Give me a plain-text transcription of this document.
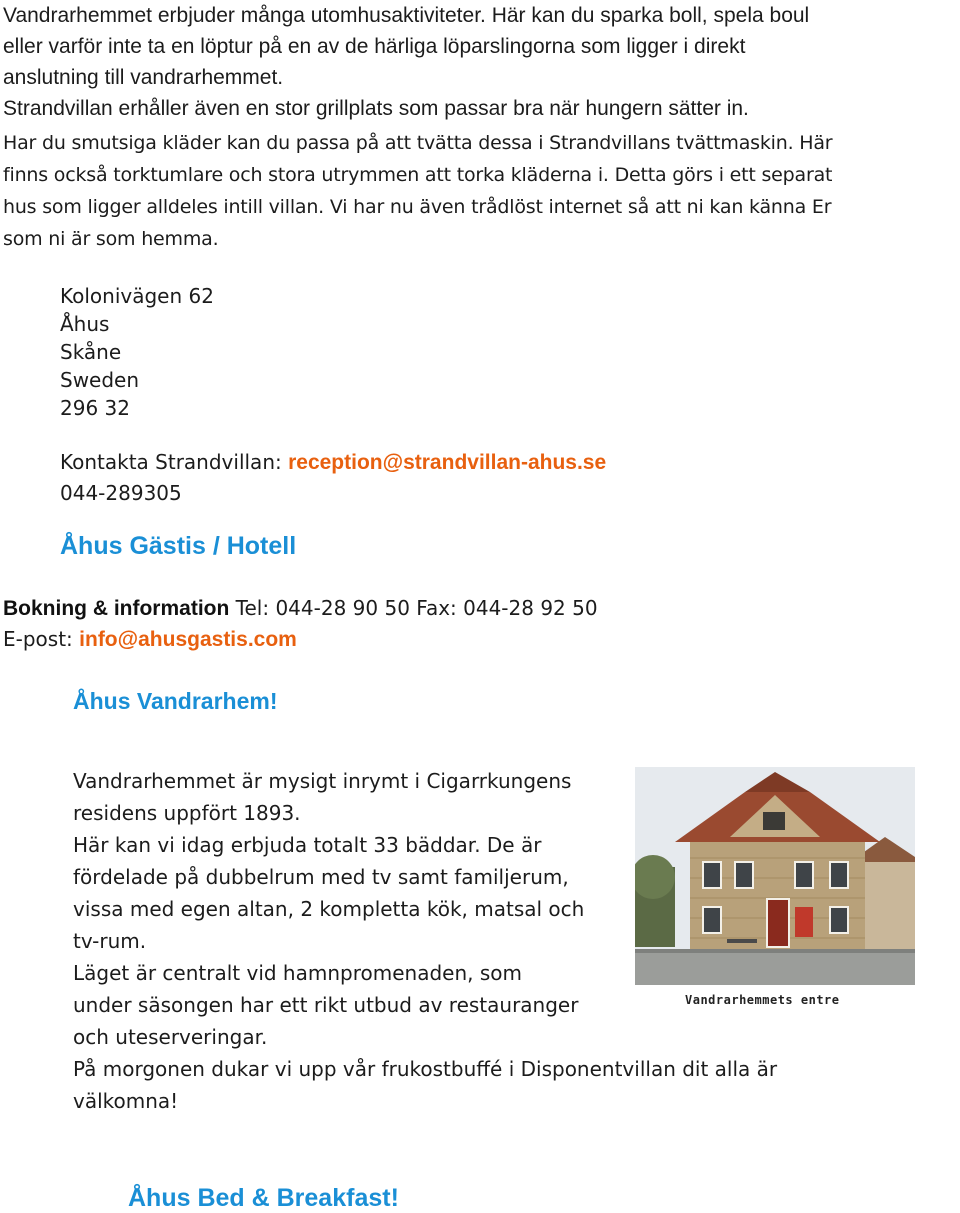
Vandrarhemmet erbjuder många utomhusaktiviteter. Här kan du sparka boll, spela boul
eller varför inte ta en löptur på en av de härliga löparslingorna som ligger i direkt
anslutning till vandrarhemmet.
Strandvillan erhåller även en stor grillplats som passar bra när hungern sätter in.
Har du smutsiga kläder kan du passa på att tvätta dessa i Strandvillans tvättmaskin. Här
finns också torktumlare och stora utrymmen att torka kläderna i. Detta görs i ett separat
hus som ligger alldeles intill villan. Vi har nu även trådlöst internet så att ni kan känna Er
som ni är som hemma.
Kolonivägen 62
Åhus
Skåne
Sweden
296 32
Kontakta Strandvillan: reception@strandvillan-ahus.se
044-289305
Åhus Gästis / Hotell
Bokning & information Tel: 044-28 90 50 Fax: 044-28 92 50
E-post: info@ahusgastis.com
Åhus Vandrarhem!
Vandrarhemmet är mysigt inrymt i Cigarrkungens
residens uppfört 1893.
Här kan vi idag erbjuda totalt 33 bäddar. De är
fördelade på dubbelrum med tv samt familjerum,
vissa med egen altan, 2 kompletta kök, matsal och
tv-rum.
Läget är centralt vid hamnpromenaden, som
under säsongen har ett rikt utbud av restauranger
och uteserveringar.
På morgonen dukar vi upp vår frukostbuffé i Disponentvillan dit alla är
välkomna!
Vandrarhemmets entre
Åhus Bed & Breakfast!
